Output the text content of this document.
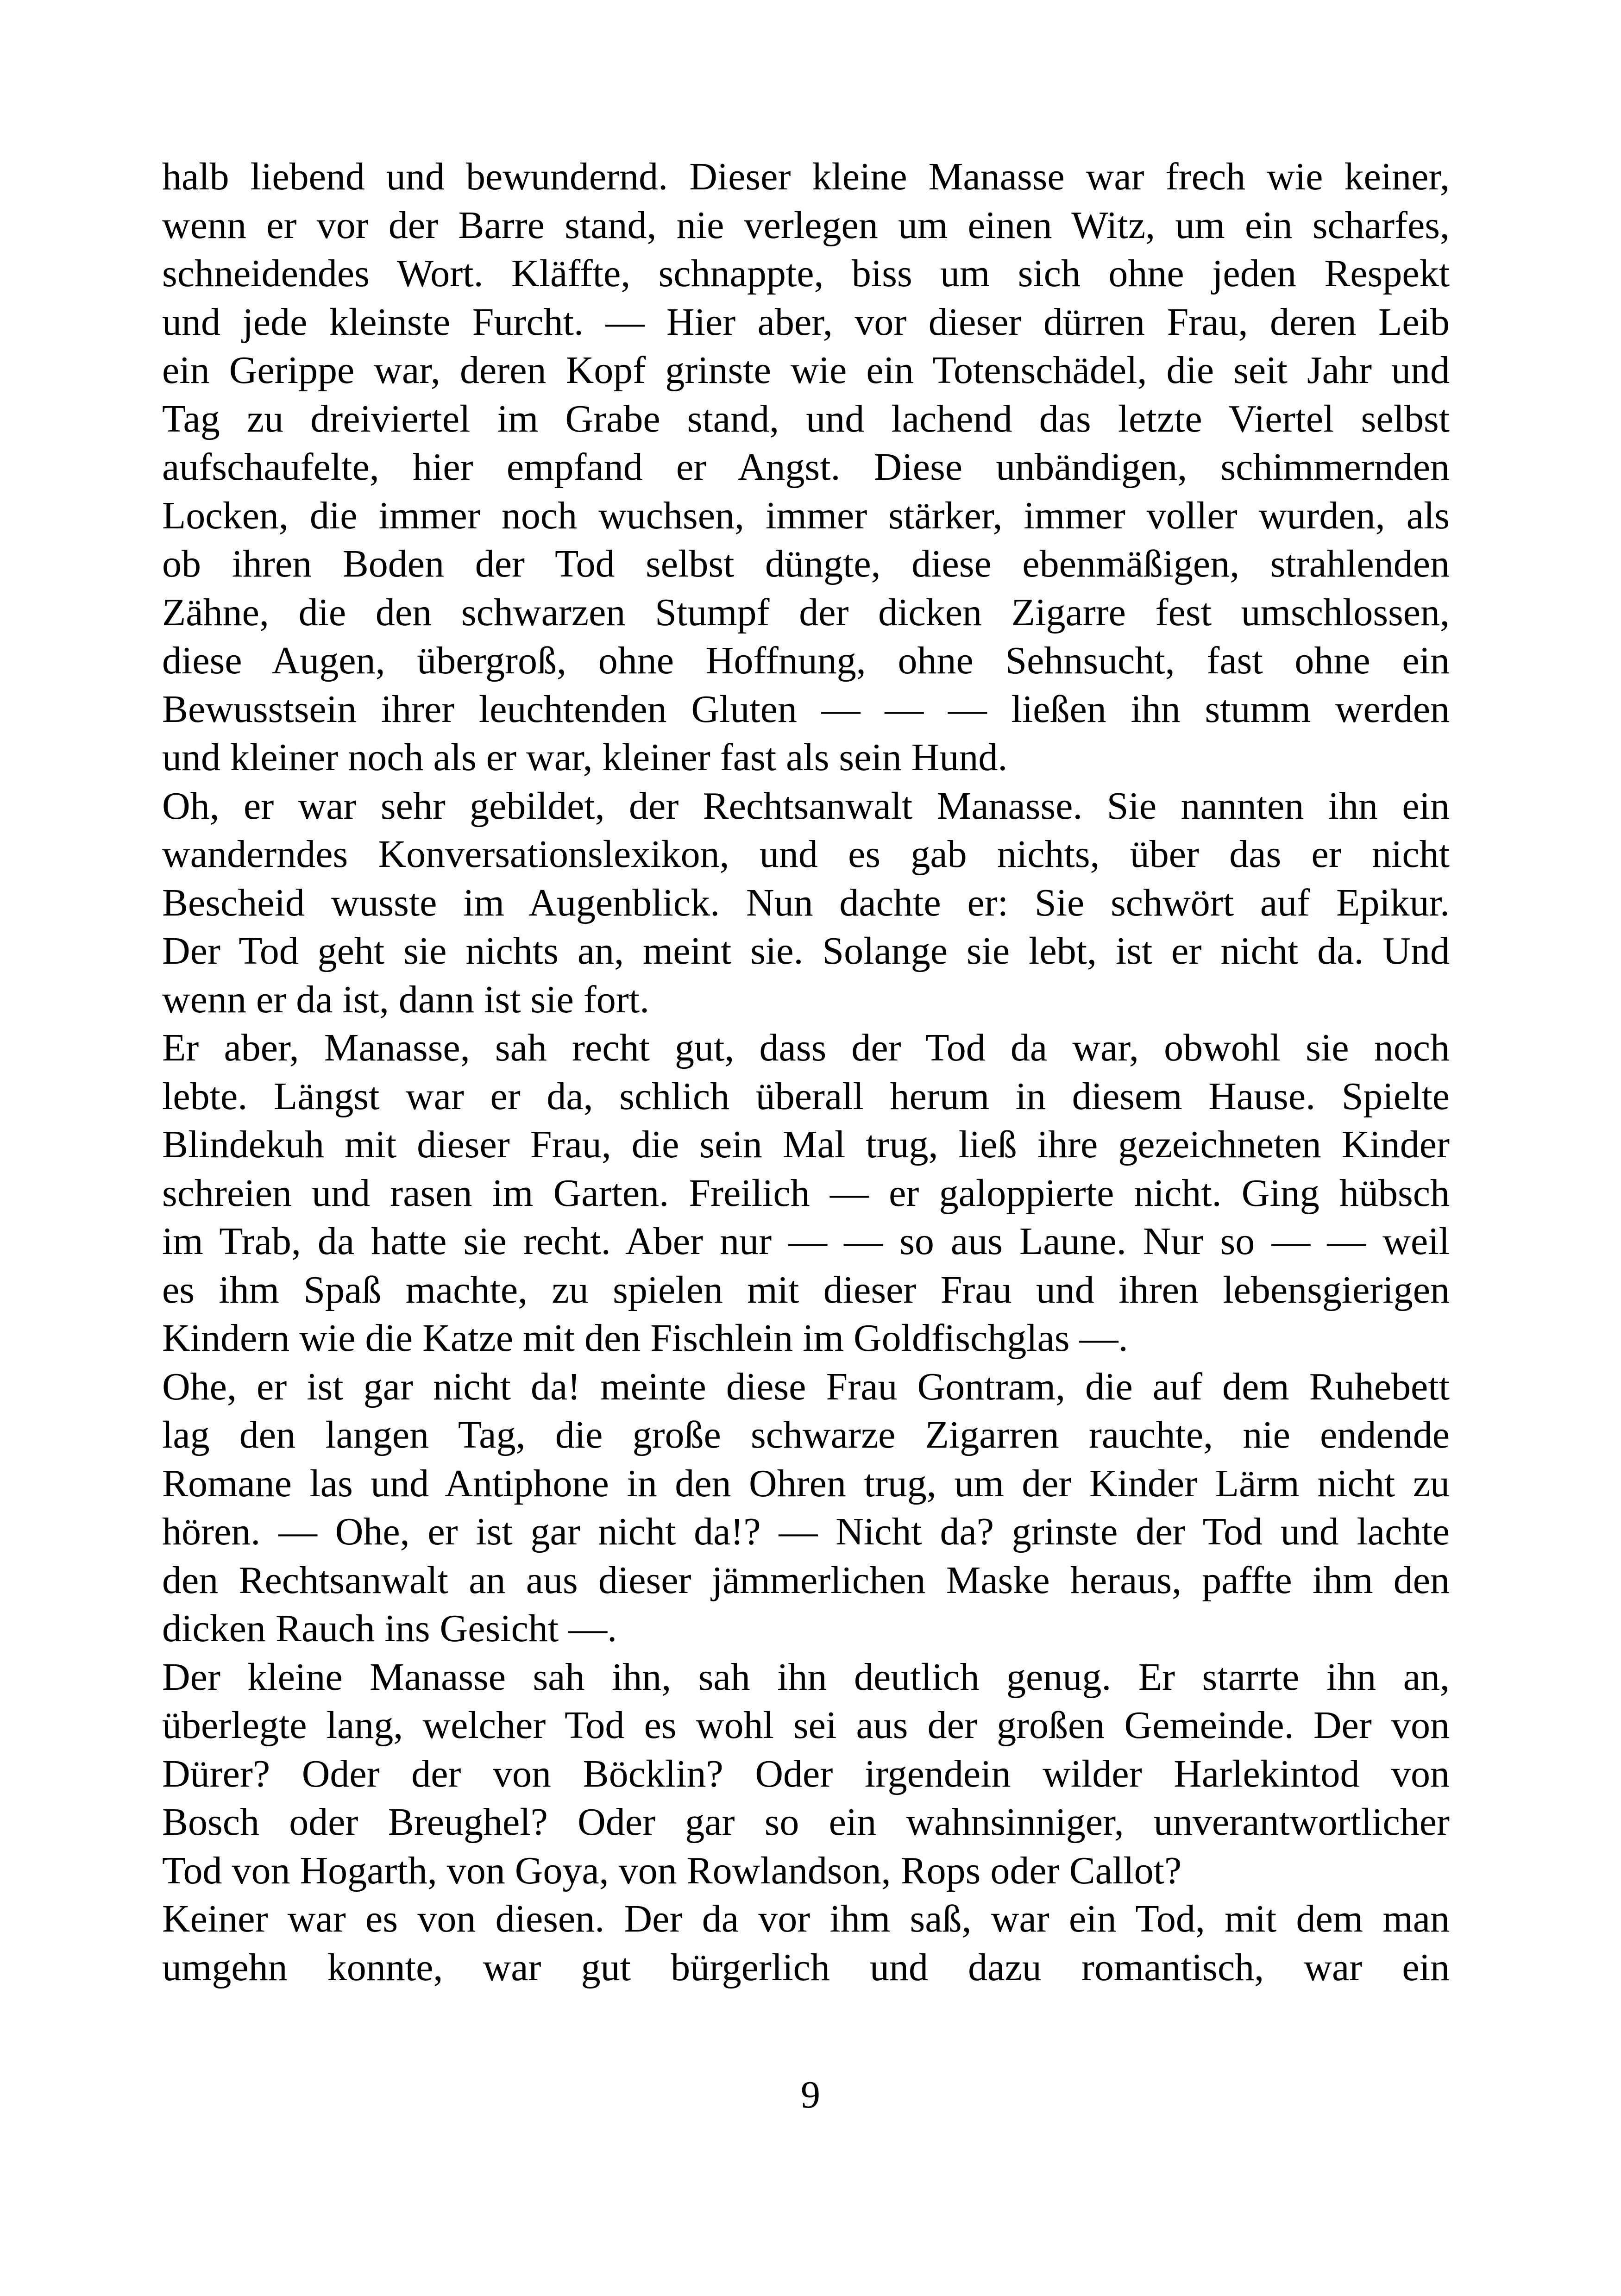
halb liebend und bewundernd. Dieser kleine Manasse war frech wie keiner,
wenn er vor der Barre stand, nie verlegen um einen Witz, um ein scharfes,
schneidendes Wort. Kläffte, schnappte, biss um sich ohne jeden Respekt
und jede kleinste Furcht. — Hier aber, vor dieser dürren Frau, deren Leib
ein Gerippe war, deren Kopf grinste wie ein Totenschädel, die seit Jahr und
Tag zu dreiviertel im Grabe stand, und lachend das letzte Viertel selbst
aufschaufelte, hier empfand er Angst. Diese unbändigen, schimmernden
Locken, die immer noch wuchsen, immer stärker, immer voller wurden, als
ob ihren Boden der Tod selbst düngte, diese ebenmäßigen, strahlenden
Zähne, die den schwarzen Stumpf der dicken Zigarre fest umschlossen,
diese Augen, übergroß, ohne Hoffnung, ohne Sehnsucht, fast ohne ein
Bewusstsein ihrer leuchtenden Gluten — — — ließen ihn stumm werden
und kleiner noch als er war, kleiner fast als sein Hund.
Oh, er war sehr gebildet, der Rechtsanwalt Manasse. Sie nannten ihn ein
wanderndes Konversationslexikon, und es gab nichts, über das er nicht
Bescheid wusste im Augenblick. Nun dachte er: Sie schwört auf Epikur.
Der Tod geht sie nichts an, meint sie. Solange sie lebt, ist er nicht da. Und
wenn er da ist, dann ist sie fort.
Er aber, Manasse, sah recht gut, dass der Tod da war, obwohl sie noch
lebte. Längst war er da, schlich überall herum in diesem Hause. Spielte
Blindekuh mit dieser Frau, die sein Mal trug, ließ ihre gezeichneten Kinder
schreien und rasen im Garten. Freilich — er galoppierte nicht. Ging hübsch
im Trab, da hatte sie recht. Aber nur — — so aus Laune. Nur so — — weil
es ihm Spaß machte, zu spielen mit dieser Frau und ihren lebensgierigen
Kindern wie die Katze mit den Fischlein im Goldfischglas —.
Ohe, er ist gar nicht da! meinte diese Frau Gontram, die auf dem Ruhebett
lag den langen Tag, die große schwarze Zigarren rauchte, nie endende
Romane las und Antiphone in den Ohren trug, um der Kinder Lärm nicht zu
hören. — Ohe, er ist gar nicht da!? — Nicht da? grinste der Tod und lachte
den Rechtsanwalt an aus dieser jämmerlichen Maske heraus, paffte ihm den
dicken Rauch ins Gesicht —.
Der kleine Manasse sah ihn, sah ihn deutlich genug. Er starrte ihn an,
überlegte lang, welcher Tod es wohl sei aus der großen Gemeinde. Der von
Dürer? Oder der von Böcklin? Oder irgendein wilder Harlekintod von
Bosch oder Breughel? Oder gar so ein wahnsinniger, unverantwortlicher
Tod von Hogarth, von Goya, von Rowlandson, Rops oder Callot?
Keiner war es von diesen. Der da vor ihm saß, war ein Tod, mit dem man
umgehn konnte, war gut bürgerlich und dazu romantisch, war ein
9
